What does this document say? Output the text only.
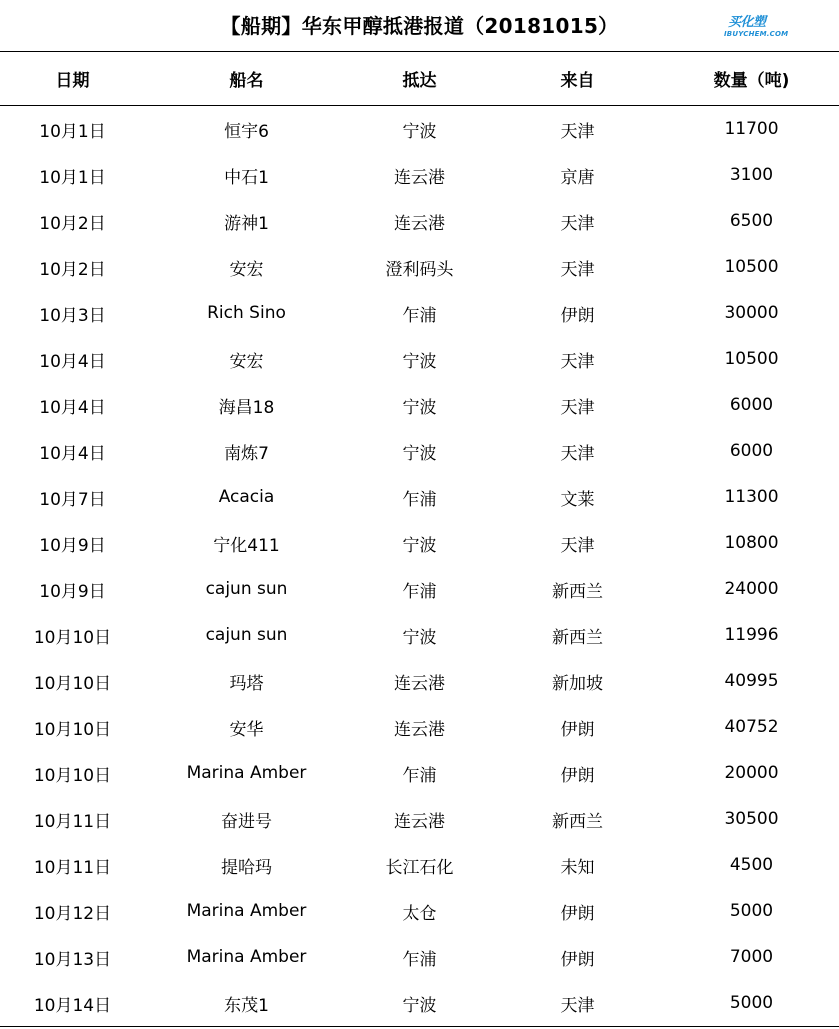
【船期】华东甲醇抵港报道（20181015）	买化塑
IBUYCHEM.COM
日期	船名	抵达	来自	数量（吨)
10月1日	恒宇6	宁波	天津	11700
10月1日	中石1	连云港	京唐	3100
10月2日	游神1	连云港	天津	6500
10月2日	安宏	澄利码头	天津	10500
10月3日	Rich Sino	乍浦	伊朗	30000
10月4日	安宏	宁波	天津	10500
10月4日	海昌18	宁波	天津	6000
10月4日	南炼7	宁波	天津	6000
10月7日	Acacia	乍浦	文莱	11300
10月9日	宁化411	宁波	天津	10800
10月9日	cajun sun	乍浦	新西兰	24000
10月10日	cajun sun	宁波	新西兰	11996
10月10日	玛塔	连云港	新加坡	40995
10月10日	安华	连云港	伊朗	40752
10月10日	Marina Amber	乍浦	伊朗	20000
10月11日	奋进号	连云港	新西兰	30500
10月11日	提哈玛	长江石化	未知	4500
10月12日	Marina Amber	太仓	伊朗	5000
10月13日	Marina Amber	乍浦	伊朗	7000
10月14日	东茂1	宁波	天津	5000
